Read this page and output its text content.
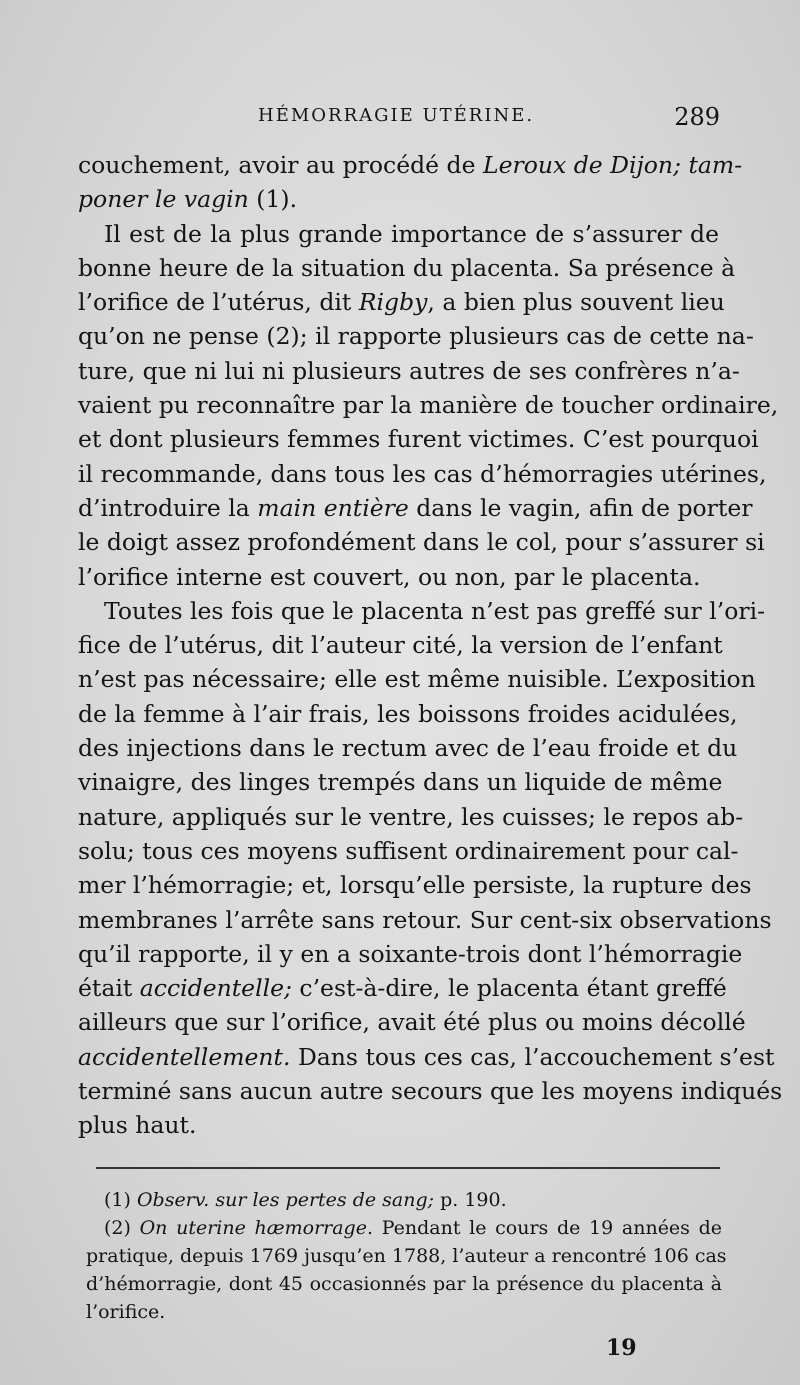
HÉMORRAGIE UTÉRINE.	289
couchement, avoir au procédé de Leroux de Dijon; tam-
poner le vagin (1).
Il est de la plus grande importance de s’assurer de
bonne heure de la situation du placenta. Sa présence à
l’orifice de l’utérus, dit Rigby, a bien plus souvent lieu
qu’on ne pense (2); il rapporte plusieurs cas de cette na-
ture, que ni lui ni plusieurs autres de ses confrères n’a-
vaient pu reconnaître par la manière de toucher ordinaire,
et dont plusieurs femmes furent victimes. C’est pourquoi
il recommande, dans tous les cas d’hémorragies utérines,
d’introduire la main entière dans le vagin, afin de porter
le doigt assez profondément dans le col, pour s’assurer si
l’orifice interne est couvert, ou non, par le placenta.
Toutes les fois que le placenta n’est pas greffé sur l’ori-
fice de l’utérus, dit l’auteur cité, la version de l’enfant
n’est pas nécessaire; elle est même nuisible. L’exposition
de la femme à l’air frais, les boissons froides acidulées,
des injections dans le rectum avec de l’eau froide et du
vinaigre, des linges trempés dans un liquide de même
nature, appliqués sur le ventre, les cuisses; le repos ab-
solu; tous ces moyens suffisent ordinairement pour cal-
mer l’hémorragie; et, lorsqu’elle persiste, la rupture des
membranes l’arrête sans retour. Sur cent-six observations
qu’il rapporte, il y en a soixante-trois dont l’hémorragie
était accidentelle; c’est-à-dire, le placenta étant greffé
ailleurs que sur l’orifice, avait été plus ou moins décollé
accidentellement. Dans tous ces cas, l’accouchement s’est
terminé sans aucun autre secours que les moyens indiqués
plus haut.
(1) Observ. sur les pertes de sang; p. 190.
(2) On uterine hæmorrage. Pendant le cours de 19 années de
pratique, depuis 1769 jusqu’en 1788, l’auteur a rencontré 106 cas
d’hémorragie, dont 45 occasionnés par la présence du placenta à
l’orifice.
19
